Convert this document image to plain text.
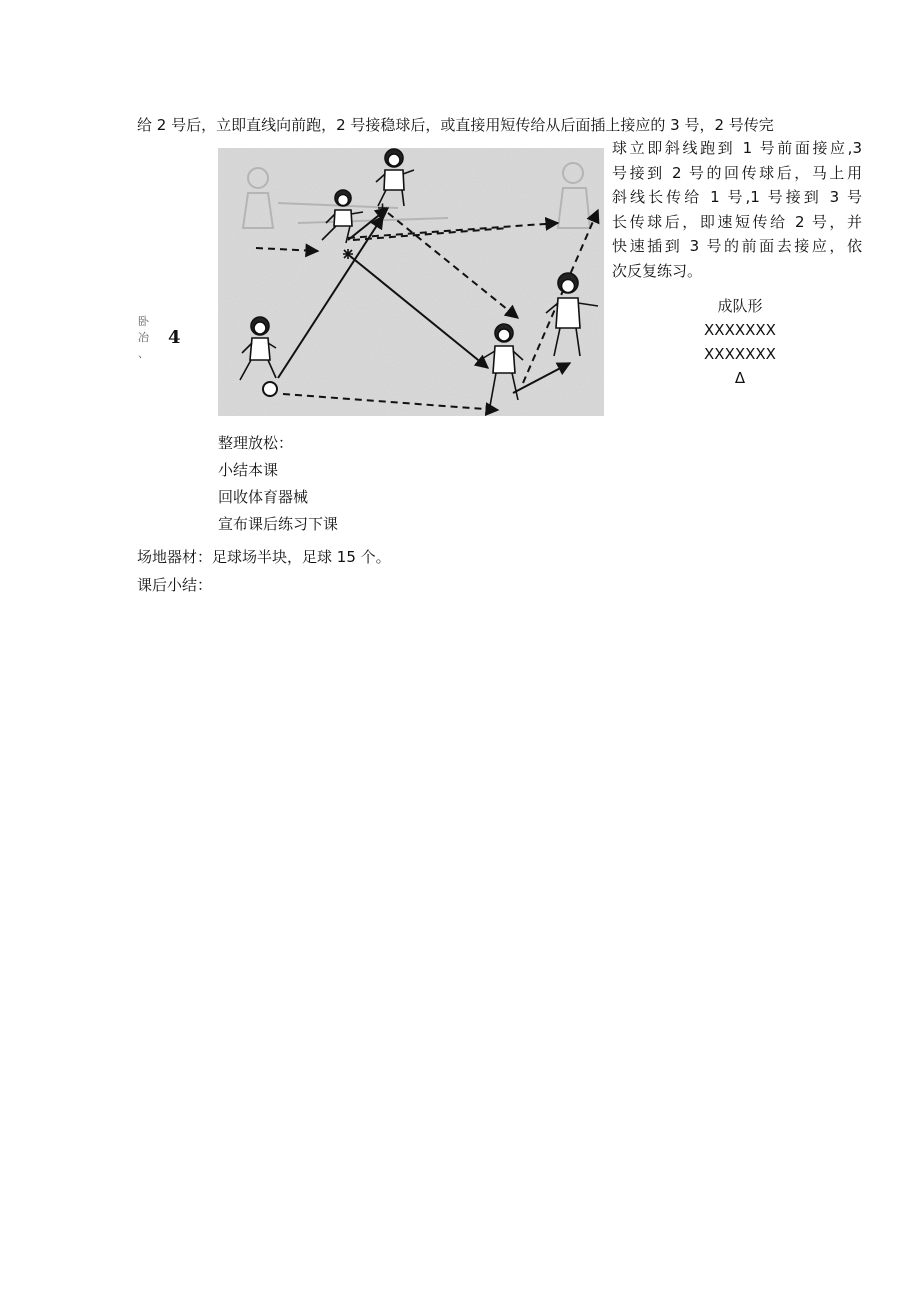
给 2 号后，立即直线向前跑，2 号接稳球后，或直接用短传给从后面插上接应的 3 号，2 号传完
球立即斜线跑到 1 号前面接应,3
号接到 2 号的回传球后，马上用
斜线长传给 1 号,1 号接到 3 号
长传球后，即速短传给 2 号，并
快速插到 3 号的前面去接应，依
次反复练习。
成队形
XXXXXXX
XXXXXXX
Δ

卧
冶
、

4
整理放松：
小结本课
回收体育器械
宣布课后练习下课
场地器材：足球场半块，足球 15 个。
课后小结：
